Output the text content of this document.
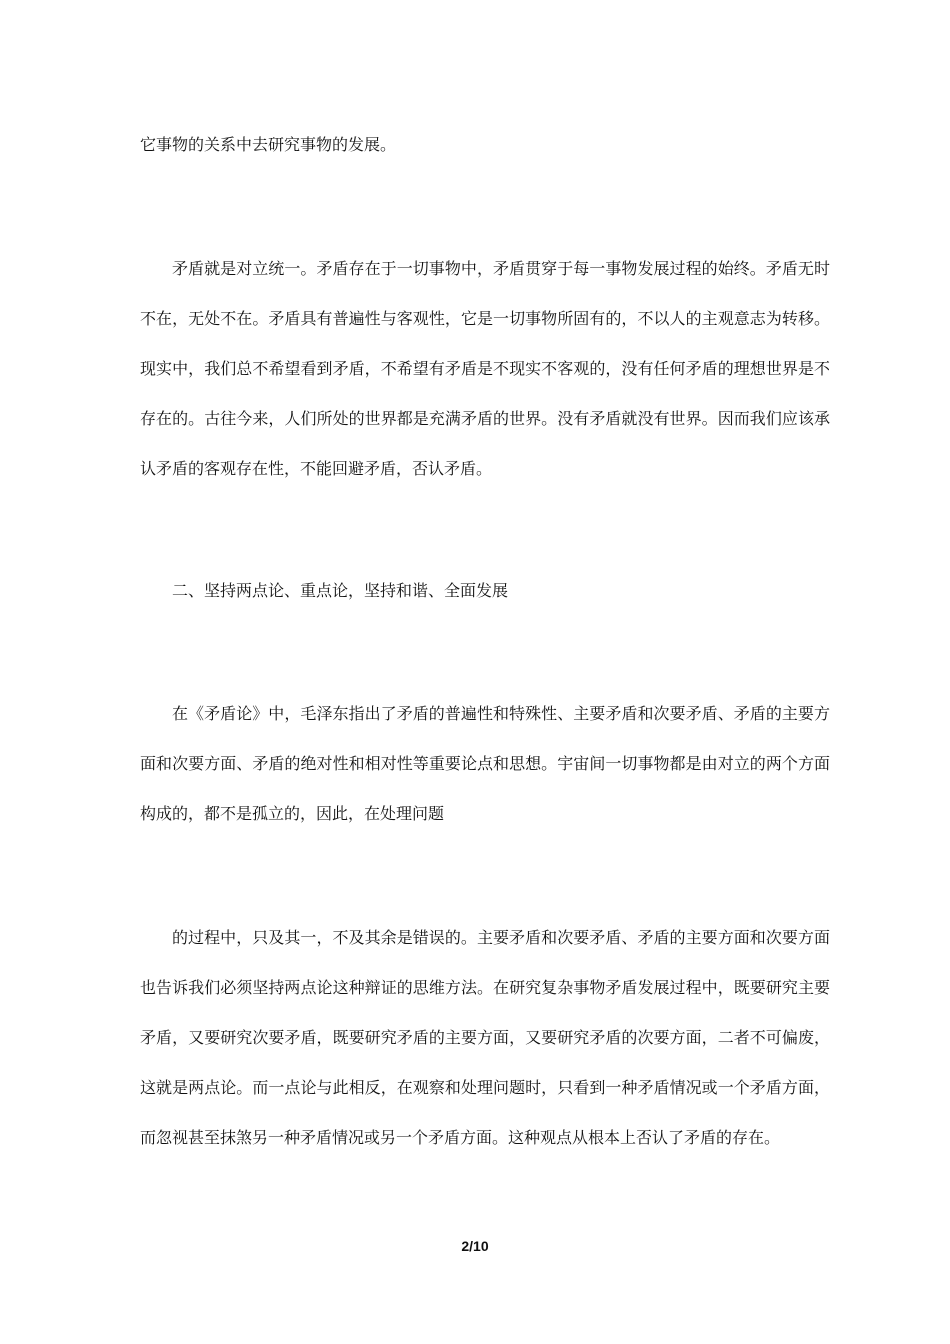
它事物的关系中去研究事物的发展。

矛盾就是对立统一。矛盾存在于一切事物中，矛盾贯穿于每一事物发展过程的始终。矛盾无时不在，无处不在。矛盾具有普遍性与客观性，它是一切事物所固有的，不以人的主观意志为转移。现实中，我们总不希望看到矛盾，不希望有矛盾是不现实不客观的，没有任何矛盾的理想世界是不存在的。古往今来，人们所处的世界都是充满矛盾的世界。没有矛盾就没有世界。因而我们应该承认矛盾的客观存在性，不能回避矛盾，否认矛盾。

二、坚持两点论、重点论，坚持和谐、全面发展

在《矛盾论》中，毛泽东指出了矛盾的普遍性和特殊性、主要矛盾和次要矛盾、矛盾的主要方面和次要方面、矛盾的绝对性和相对性等重要论点和思想。宇宙间一切事物都是由对立的两个方面构成的，都不是孤立的，因此，在处理问题

的过程中，只及其一，不及其余是错误的。主要矛盾和次要矛盾、矛盾的主要方面和次要方面也告诉我们必须坚持两点论这种辩证的思维方法。在研究复杂事物矛盾发展过程中，既要研究主要矛盾，又要研究次要矛盾，既要研究矛盾的主要方面，又要研究矛盾的次要方面，二者不可偏废，这就是两点论。而一点论与此相反，在观察和处理问题时，只看到一种矛盾情况或一个矛盾方面，而忽视甚至抹煞另一种矛盾情况或另一个矛盾方面。这种观点从根本上否认了矛盾的存在。

2/10
